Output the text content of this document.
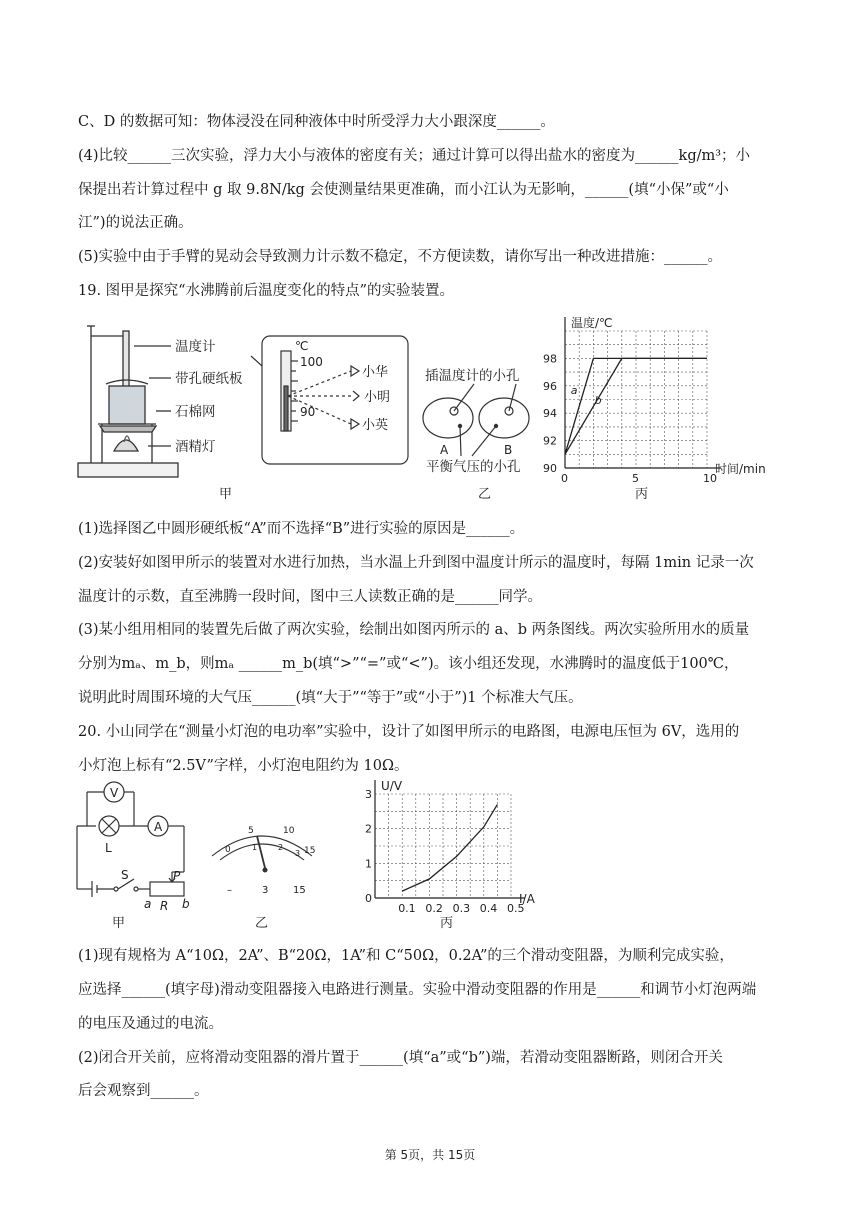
C、D 的数据可知：物体浸没在同种液体中时所受浮力大小跟深度______。
(4)比较______三次实验，浮力大小与液体的密度有关；通过计算可以得出盐水的密度为______kg/m³；小
保提出若计算过程中 g 取 9.8N/kg 会使测量结果更准确，而小江认为无影响，______(填“小保”或“小
江”)的说法正确。
(5)实验中由于手臂的晃动会导致测力计示数不稳定，不方便读数，请你写出一种改进措施：______。
19. 图甲是探究“水沸腾前后温度变化的特点”的实验装置。
温度计
带孔硬纸板
石棉网
酒精灯
℃
100
90
小华
小明
小英
插温度计的小孔
A	B
平衡气压的小孔
0	5	10
90
92
94
96
98
温度/℃
时间/min
a
b
甲	乙	丙
(1)选择图乙中圆形硬纸板“A”而不选择“B”进行实验的原因是______。
(2)安装好如图甲所示的装置对水进行加热，当水温上升到图中温度计所示的温度时，每隔 1min 记录一次
温度计的示数，直至沸腾一段时间，图中三人读数正确的是______同学。
(3)某小组用相同的装置先后做了两次实验，绘制出如图丙所示的 a、b 两条图线。两次实验所用水的质量
分别为mₐ、m_b，则mₐ ______m_b(填“>”“=”或“<”)。该小组还发现，水沸腾时的温度低于100℃，
说明此时周围环境的大气压______(填“大于”“等于”或“小于”)1 个标准大气压。
20. 小山同学在“测量小灯泡的电功率”实验中，设计了如图甲所示的电路图，电源电压恒为 6V，选用的
小灯泡上标有“2.5V”字样，小灯泡电阻约为 10Ω。
V
A
L
S	P
a R b
0
5	10
15
1	2
3
–	3 15
0.1 0.2 0.3 0.4 0.5
0
1
2
3
U/V
I/A
甲	乙	丙
(1)现有规格为 A“10Ω，2A”、B“20Ω，1A”和 C“50Ω，0.2A”的三个滑动变阻器，为顺利完成实验，
应选择______(填字母)滑动变阻器接入电路进行测量。实验中滑动变阻器的作用是______和调节小灯泡两端
的电压及通过的电流。
(2)闭合开关前，应将滑动变阻器的滑片置于______(填“a”或“b”)端，若滑动变阻器断路，则闭合开关
后会观察到______。
第 5页，共 15页
